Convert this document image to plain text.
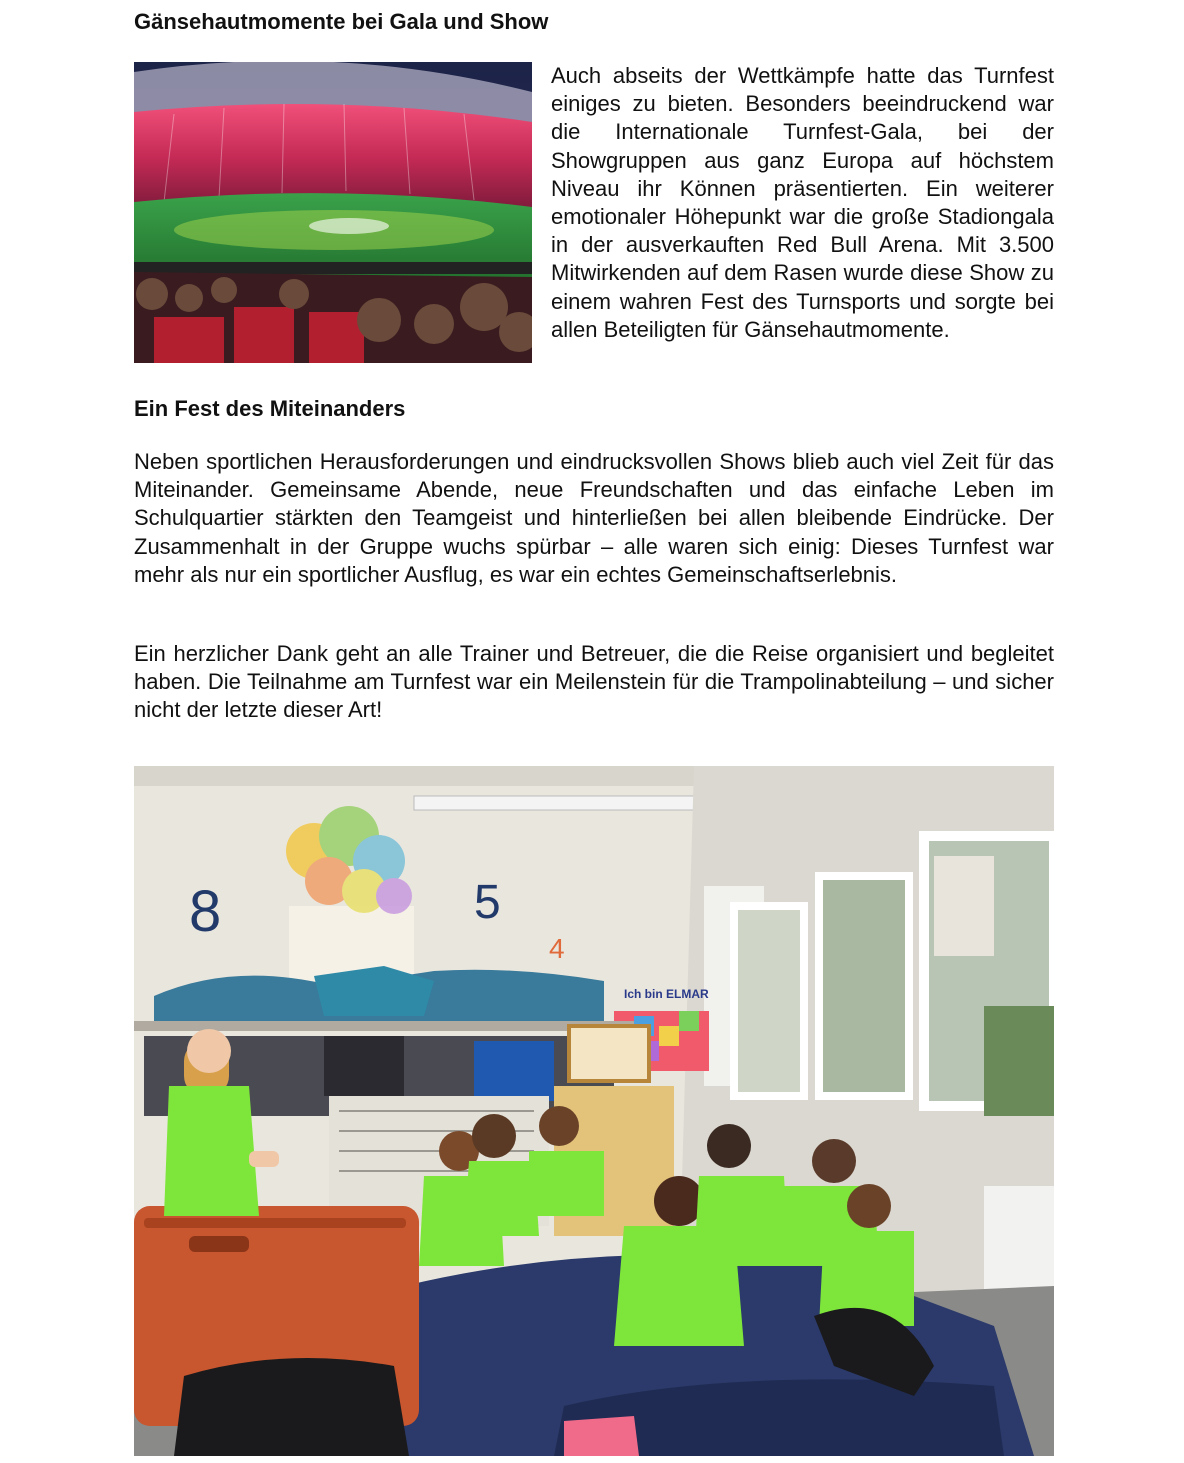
Gänsehautmomente bei Gala und Show

Auch abseits der Wettkämpfe hatte das Turnfest einiges zu bieten. Besonders beeindruckend war die Internationale Turnfest-Gala, bei der Showgruppen aus ganz Europa auf höchstem Niveau ihr Können präsentierten. Ein weiterer emotionaler Höhepunkt war die große Stadiongala in der ausverkauften Red Bull Arena. Mit 3.500 Mitwirkenden auf dem Rasen wurde diese Show zu einem wahren Fest des Turnsports und sorgte bei allen Beteiligten für Gänsehautmomente.

Ein Fest des Miteinanders

Neben sportlichen Herausforderungen und eindrucksvollen Shows blieb auch viel Zeit für das Miteinander. Gemeinsame Abende, neue Freundschaften und das einfache Leben im Schulquartier stärkten den Teamgeist und hinterließen bei allen bleibende Eindrücke. Der Zusammenhalt in der Gruppe wuchs spürbar – alle waren sich einig: Dieses Turnfest war mehr als nur ein sportlicher Ausflug, es war ein echtes Gemeinschaftserlebnis.

Ein herzlicher Dank geht an alle Trainer und Betreuer, die die Reise organisiert und begleitet haben. Die Teilnahme am Turnfest war ein Meilenstein für die Trampolinabteilung – und sicher nicht der letzte dieser Art!

8	5
4
Ich bin ELMAR
